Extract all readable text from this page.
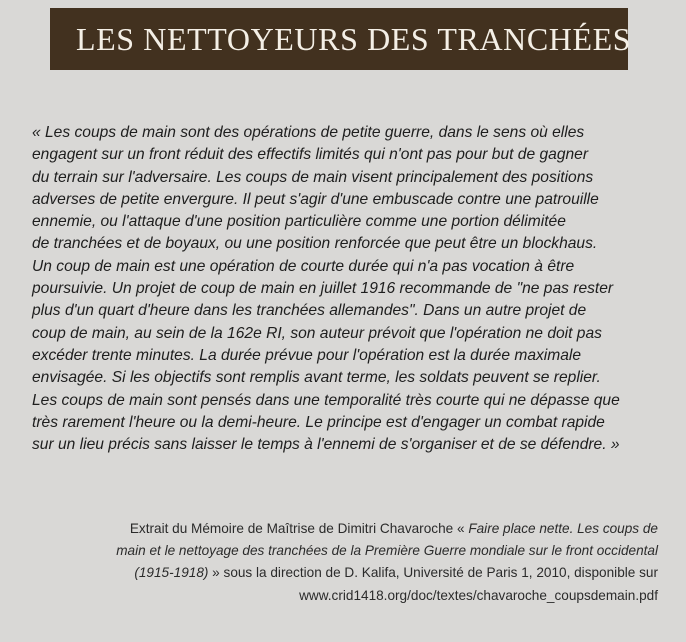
LES NETTOYEURS DES TRANCHÉES

« Les coups de main sont des opérations de petite guerre, dans le sens où elles
engagent sur un front réduit des effectifs limités qui n'ont pas pour but de gagner
du terrain sur l'adversaire. Les coups de main visent principalement des positions
adverses de petite envergure. Il peut s'agir d'une embuscade contre une patrouille
ennemie, ou l'attaque d'une position particulière comme une portion délimitée
de tranchées et de boyaux, ou une position renforcée que peut être un blockhaus.
Un coup de main est une opération de courte durée qui n'a pas vocation à être
poursuivie. Un projet de coup de main en juillet 1916 recommande de "ne pas rester
plus d'un quart d'heure dans les tranchées allemandes". Dans un autre projet de
coup de main, au sein de la 162e RI, son auteur prévoit que l'opération ne doit pas
excéder trente minutes. La durée prévue pour l'opération est la durée maximale
envisagée. Si les objectifs sont remplis avant terme, les soldats peuvent se replier.
Les coups de main sont pensés dans une temporalité très courte qui ne dépasse que
très rarement l'heure ou la demi-heure. Le principe est d'engager un combat rapide
sur un lieu précis sans laisser le temps à l'ennemi de s'organiser et de se défendre. »

Extrait du Mémoire de Maîtrise de Dimitri Chavaroche « Faire place nette. Les coups de
main et le nettoyage des tranchées de la Première Guerre mondiale sur le front occidental
(1915-1918) » sous la direction de D. Kalifa, Université de Paris 1, 2010, disponible sur
www.crid1418.org/doc/textes/chavaroche_coupsdemain.pdf
